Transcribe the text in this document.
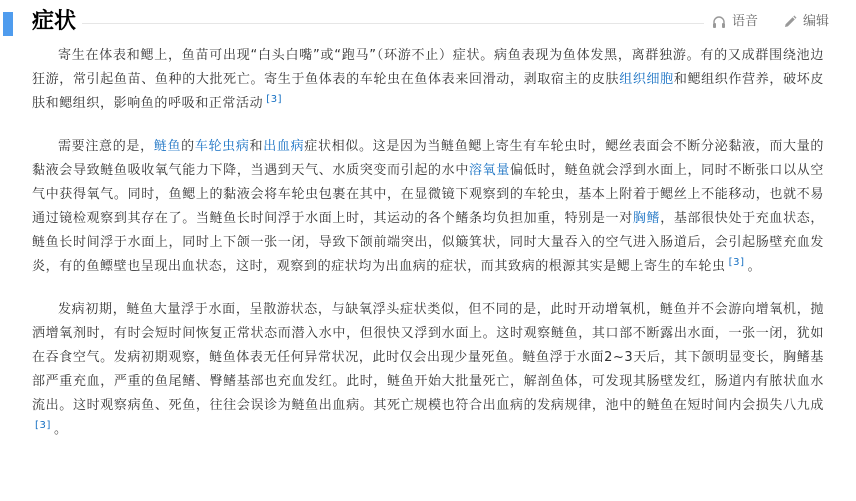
症状	语音	编辑

寄生在体表和鳃上，鱼苗可出现“白头白嘴”或“跑马”（环游不止）症状。病鱼表现为鱼体发黑，离群独游。有的又成群围绕池边狂游，常引起鱼苗、鱼种的大批死亡。寄生于鱼体表的车轮虫在鱼体表来回滑动，剥取宿主的皮肤组织细胞和鳃组织作营养，破坏皮肤和鳃组织，影响鱼的呼吸和正常活动 [3]

需要注意的是，鲢鱼的车轮虫病和出血病症状相似。这是因为当鲢鱼鳃上寄生有车轮虫时，鳃丝表面会不断分泌黏液，而大量的黏液会导致鲢鱼吸收氧气能力下降，当遇到天气、水质突变而引起的水中溶氧量偏低时，鲢鱼就会浮到水面上，同时不断张口以从空气中获得氧气。同时，鱼鳃上的黏液会将车轮虫包裹在其中，在显微镜下观察到的车轮虫，基本上附着于鳃丝上不能移动，也就不易通过镜检观察到其存在了。当鲢鱼长时间浮于水面上时，其运动的各个鳍条均负担加重，特别是一对胸鳍，基部很快处于充血状态，鲢鱼长时间浮于水面上，同时上下颌一张一闭，导致下颌前端突出，似簸箕状，同时大量吞入的空气进入肠道后，会引起肠壁充血发炎，有的鱼鳔壁也呈现出血状态，这时，观察到的症状均为出血病的症状，而其致病的根源其实是鳃上寄生的车轮虫 [3] 。

发病初期，鲢鱼大量浮于水面，呈散游状态，与缺氧浮头症状类似，但不同的是，此时开动增氧机，鲢鱼并不会游向增氧机，抛洒增氧剂时，有时会短时间恢复正常状态而潜入水中，但很快又浮到水面上。这时观察鲢鱼，其口部不断露出水面，一张一闭，犹如在吞食空气。发病初期观察，鲢鱼体表无任何异常状况，此时仅会出现少量死鱼。鲢鱼浮于水面2~3天后，其下颌明显变长，胸鳍基部严重充血，严重的鱼尾鳍、臀鳍基部也充血发红。此时，鲢鱼开始大批量死亡，解剖鱼体，可发现其肠壁发红，肠道内有脓状血水流出。这时观察病鱼、死鱼，往往会误诊为鲢鱼出血病。其死亡规模也符合出血病的发病规律，池中的鲢鱼在短时间内会损失八九成[3] 。
